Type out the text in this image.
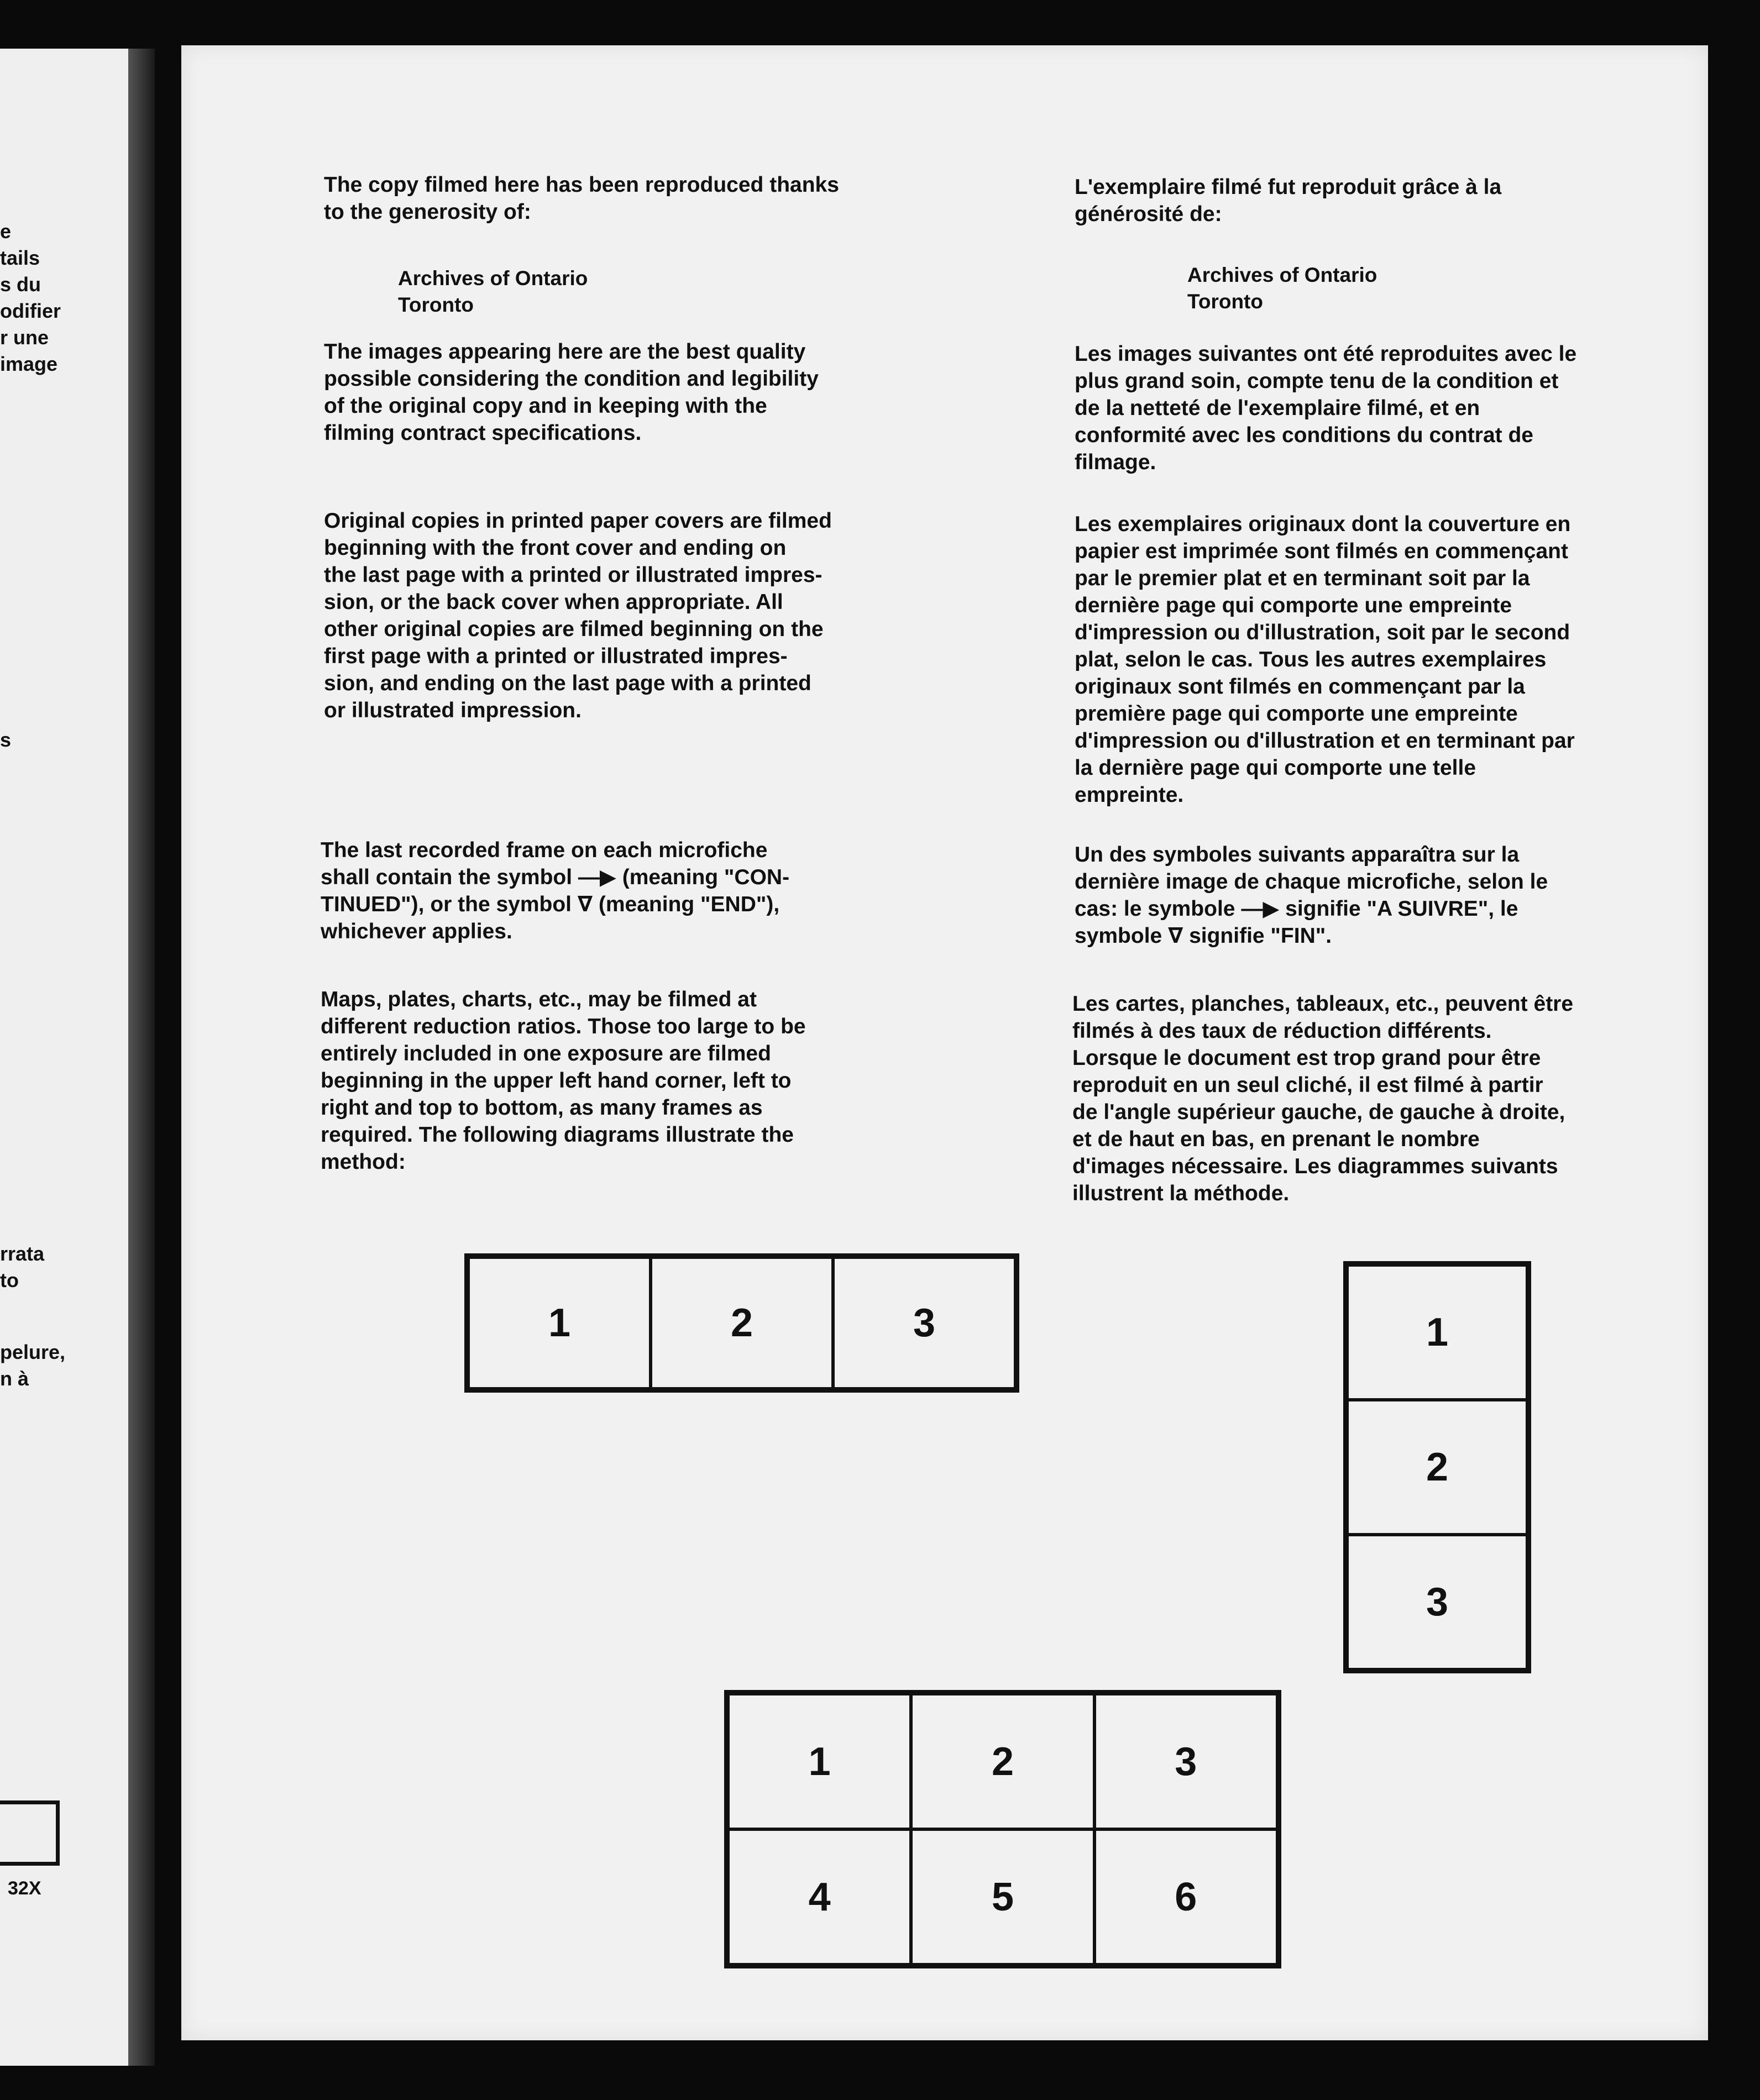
e
tails
s du
odifier
r une
image
s
rrata
to
pelure,
n à
32X

The copy filmed here has been reproduced thanks
to the generosity of:

Archives of Ontario
Toronto

The images appearing here are the best quality
possible considering the condition and legibility
of the original copy and in keeping with the
filming contract specifications.

Original copies in printed paper covers are filmed
beginning with the front cover and ending on
the last page with a printed or illustrated impres-
sion, or the back cover when appropriate. All
other original copies are filmed beginning on the
first page with a printed or illustrated impres-
sion, and ending on the last page with a printed
or illustrated impression.

The last recorded frame on each microfiche
shall contain the symbol —▶ (meaning "CON-
TINUED"), or the symbol ∇ (meaning "END"),
whichever applies.

Maps, plates, charts, etc., may be filmed at
different reduction ratios. Those too large to be
entirely included in one exposure are filmed
beginning in the upper left hand corner, left to
right and top to bottom, as many frames as
required. The following diagrams illustrate the
method:

L'exemplaire filmé fut reproduit grâce à la
générosité de:

Archives of Ontario
Toronto

Les images suivantes ont été reproduites avec le
plus grand soin, compte tenu de la condition et
de la netteté de l'exemplaire filmé, et en
conformité avec les conditions du contrat de
filmage.

Les exemplaires originaux dont la couverture en
papier est imprimée sont filmés en commençant
par le premier plat et en terminant soit par la
dernière page qui comporte une empreinte
d'impression ou d'illustration, soit par le second
plat, selon le cas. Tous les autres exemplaires
originaux sont filmés en commençant par la
première page qui comporte une empreinte
d'impression ou d'illustration et en terminant par
la dernière page qui comporte une telle
empreinte.

Un des symboles suivants apparaîtra sur la
dernière image de chaque microfiche, selon le
cas: le symbole —▶ signifie "A SUIVRE", le
symbole ∇ signifie "FIN".

Les cartes, planches, tableaux, etc., peuvent être
filmés à des taux de réduction différents.
Lorsque le document est trop grand pour être
reproduit en un seul cliché, il est filmé à partir
de l'angle supérieur gauche, de gauche à droite,
et de haut en bas, en prenant le nombre
d'images nécessaire. Les diagrammes suivants
illustrent la méthode.

1	2	3	1
2
3
1	2	3
4	5	6
